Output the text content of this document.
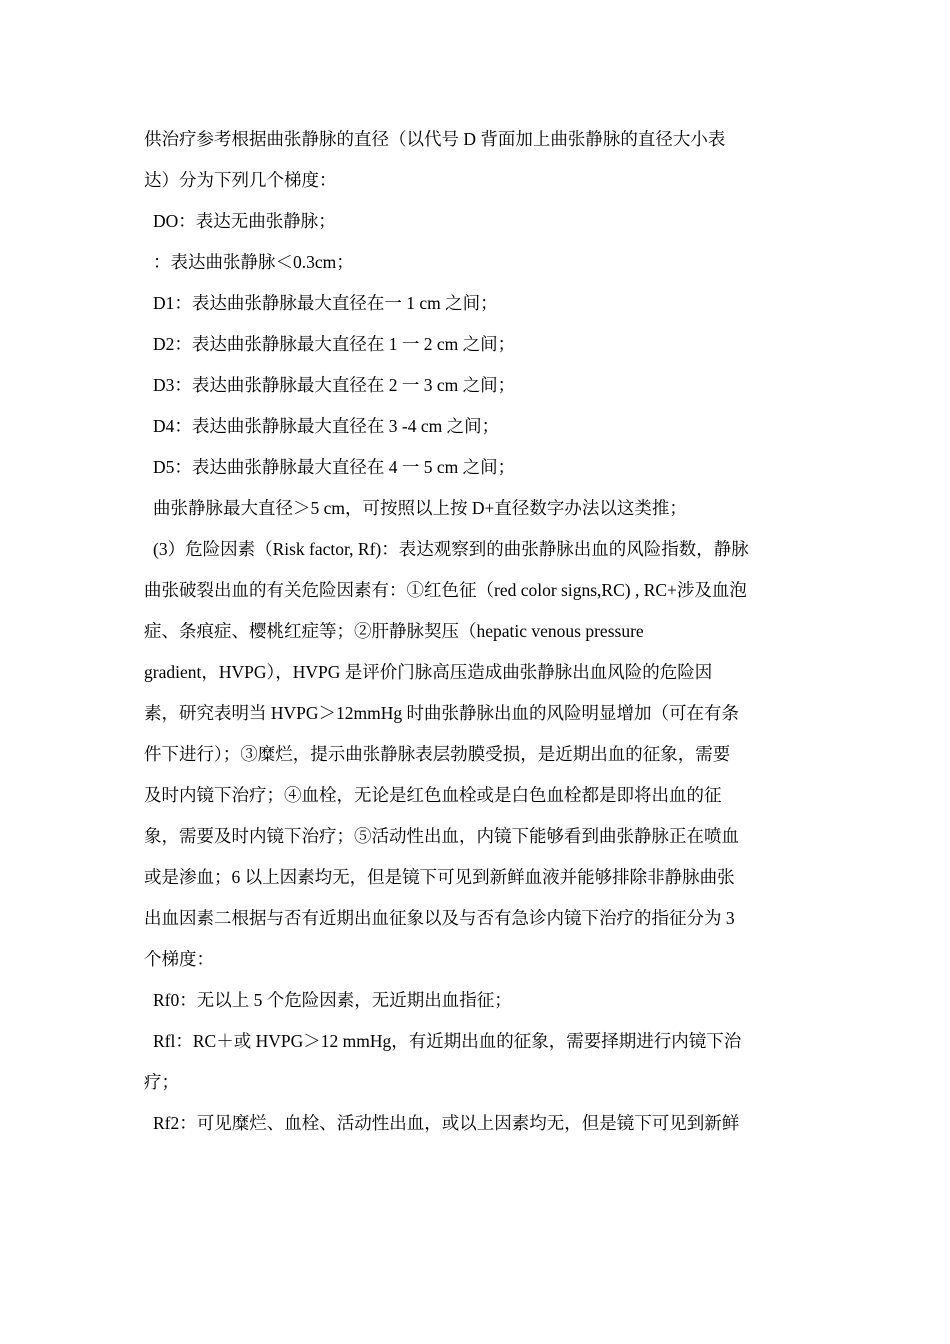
供治疗参考根据曲张静脉的直径（以代号 D 背面加上曲张静脉的直径大小表
达）分为下列几个梯度：
DO：表达无曲张静脉；
：表达曲张静脉＜0.3cm；
D1：表达曲张静脉最大直径在一 1 cm 之间；
D2：表达曲张静脉最大直径在 1 一 2 cm 之间；
D3：表达曲张静脉最大直径在 2 一 3 cm 之间；
D4：表达曲张静脉最大直径在 3 -4 cm 之间；
D5：表达曲张静脉最大直径在 4 一 5 cm 之间；
曲张静脉最大直径＞5 cm，可按照以上按 D+直径数字办法以这类推；
(3）危险因素（Risk factor, Rf)：表达观察到的曲张静脉出血的风险指数，静脉
曲张破裂出血的有关危险因素有：①红色征（red color signs,RC) , RC+涉及血泡
症、条痕症、樱桃红症等；②肝静脉契压（hepatic venous pressure
gradient，HVPG），HVPG 是评价门脉高压造成曲张静脉出血风险的危险因
素，研究表明当 HVPG＞12mmHg 时曲张静脉出血的风险明显增加（可在有条
件下进行）；③糜烂，提示曲张静脉表层勃膜受损，是近期出血的征象，需要
及时内镜下治疗；④血栓，无论是红色血栓或是白色血栓都是即将出血的征
象，需要及时内镜下治疗；⑤活动性出血，内镜下能够看到曲张静脉正在喷血
或是渗血；6 以上因素均无，但是镜下可见到新鲜血液并能够排除非静脉曲张
出血因素二根据与否有近期出血征象以及与否有急诊内镜下治疗的指征分为 3
个梯度：
Rf0：无以上 5 个危险因素，无近期出血指征；
Rfl：RC＋或 HVPG＞12 mmHg，有近期出血的征象，需要择期进行内镜下治
疗；
Rf2：可见糜烂、血栓、活动性出血，或以上因素均无，但是镜下可见到新鲜
